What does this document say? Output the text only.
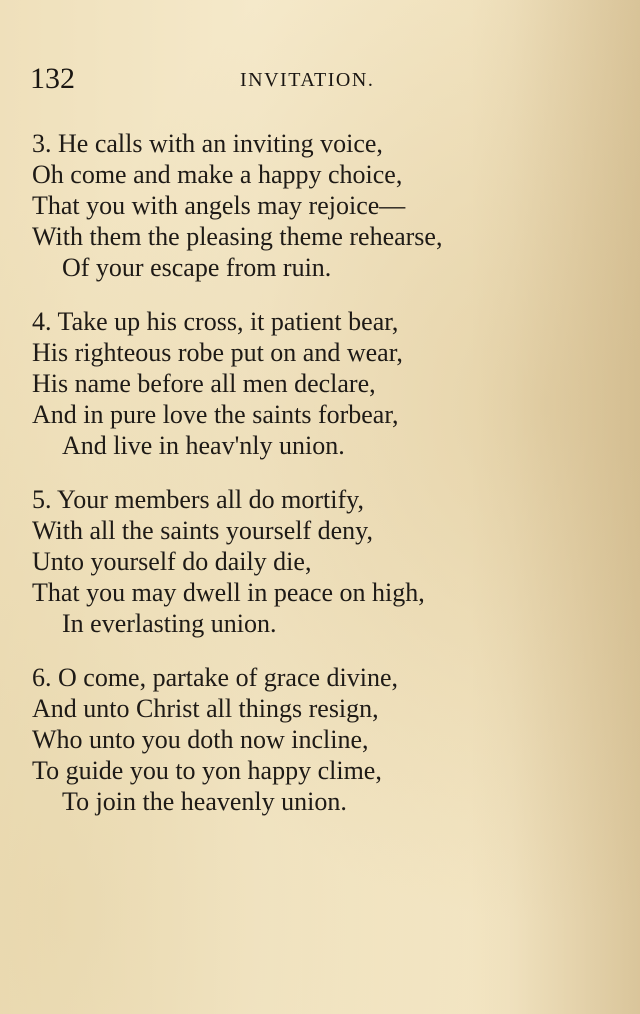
132	INVITATION.
3. He calls with an inviting voice,
Oh come and make a happy choice,
That you with angels may rejoice—
With them the pleasing theme rehearse,
Of your escape from ruin.
4. Take up his cross, it patient bear,
His righteous robe put on and wear,
His name before all men declare,
And in pure love the saints forbear,
And live in heav'nly union.
5. Your members all do mortify,
With all the saints yourself deny,
Unto yourself do daily die,
That you may dwell in peace on high,
In everlasting union.
6. O come, partake of grace divine,
And unto Christ all things resign,
Who unto you doth now incline,
To guide you to yon happy clime,
To join the heavenly union.
